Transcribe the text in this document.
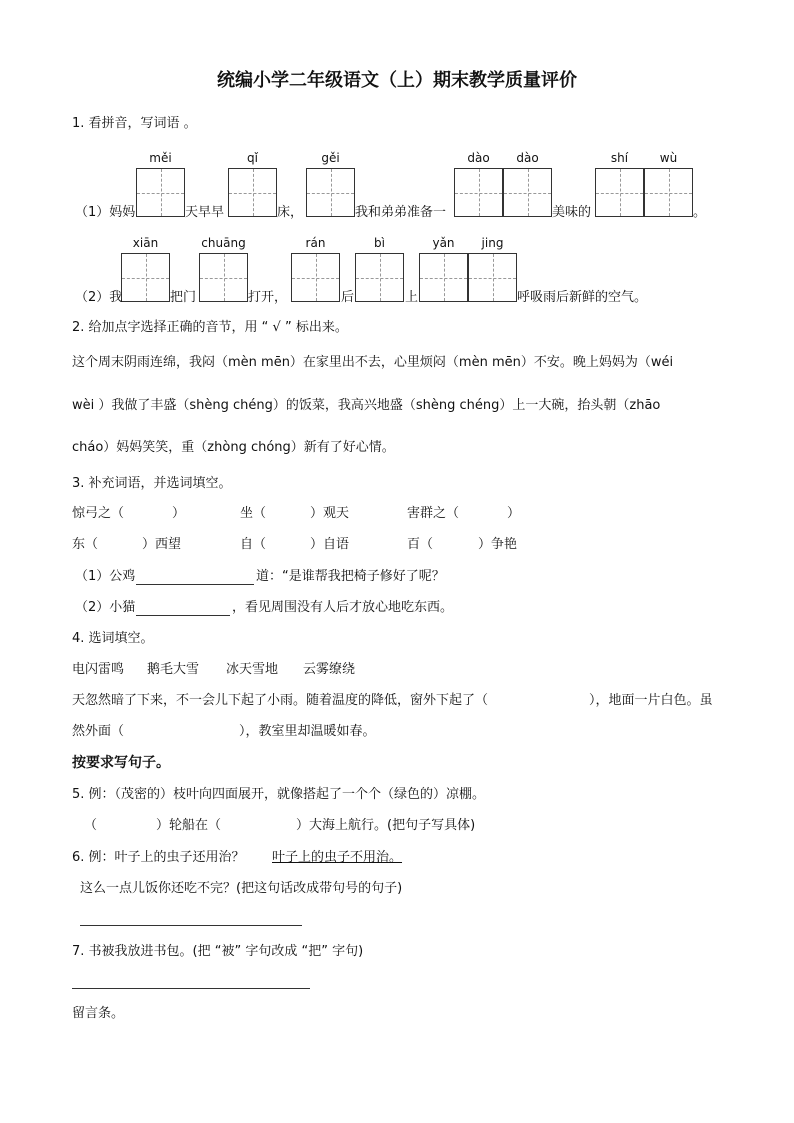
统编小学二年级语文（上）期末教学质量评价
1. 看拼音，写词语 。
měi	qǐ	gěi	dào	dào	shí	wù
（1）妈妈	天早早	床，	我和弟弟准备一	美味的	。
xiān	chuāng	rán	bì	yǎn	jing
（2）我	把门	打开，	后	上	呼吸雨后新鲜的空气。
2. 给加点字选择正确的音节，用 “ √ ” 标出来。
这个周末阴雨连绵，我闷（mèn mēn）在家里出不去，心里烦闷（mèn mēn）不安。晚上妈妈为（wéi
wèi ）我做了丰盛（shèng chéng）的饭菜，我高兴地盛（shèng chéng）上一大碗，抬头朝（zhāo
cháo）妈妈笑笑，重（zhòng chóng）新有了好心情。
3. 补充词语，并选词填空。
惊弓之（	）	坐（	）观天	害群之（	）
东（	）西望	自（	）自语	百（	）争艳
（1）公鸡	道：“是谁帮我把椅子修好了呢？
（2）小猫	，看见周围没有人后才放心地吃东西。
4. 选词填空。
电闪雷鸣 鹅毛大雪 冰天雪地 云雾缭绕
天忽然暗了下来，不一会儿下起了小雨。随着温度的降低，窗外下起了（	），地面一片白色。虽
然外面（	），教室里却温暖如春。
按要求写句子。
5. 例：（茂密的）枝叶向四面展开，就像搭起了一个个（绿色的）凉棚。
（	）轮船在（	）大海上航行。(把句子写具体)
6. 例：叶子上的虫子还用治？ 叶子上的虫子不用治。
这么一点儿饭你还吃不完？(把这句话改成带句号的句子)
7. 书被我放进书包。(把 “被” 字句改成 “把” 字句)
留言条。
